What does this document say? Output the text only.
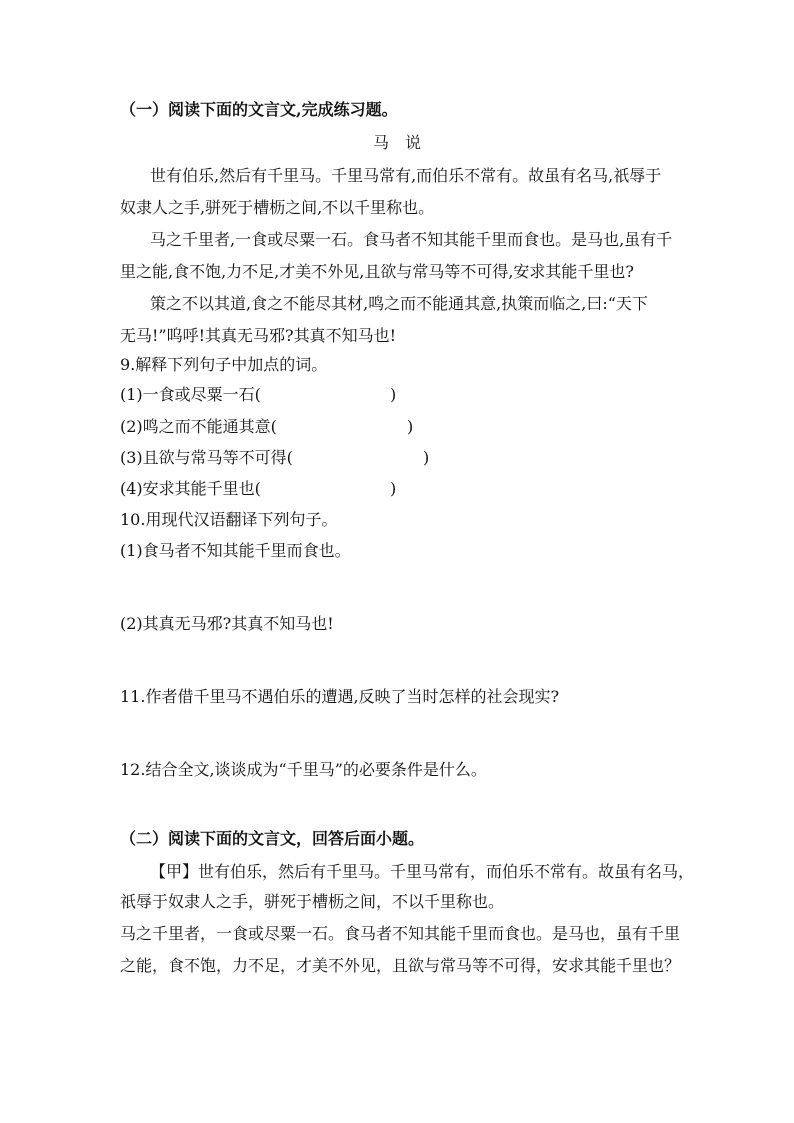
（一）阅读下面的文言文,完成练习题。
马　说
世有伯乐,然后有千里马。千里马常有,而伯乐不常有。故虽有名马,祇辱于
奴隶人之手,骈死于槽枥之间,不以千里称也。
马之千里者,一食或尽粟一石。食马者不知其能千里而食也。是马也,虽有千
里之能,食不饱,力不足,才美不外见,且欲与常马等不可得,安求其能千里也?
策之不以其道,食之不能尽其材,鸣之而不能通其意,执策而临之,曰:“天下
无马!”呜呼!其真无马邪?其真不知马也!
9.解释下列句子中加点的词。
(1)一食或尽粟一石(	)
(2)鸣之而不能通其意(	)
(3)且欲与常马等不可得(	)
(4)安求其能千里也(	)
10.用现代汉语翻译下列句子。
(1)食马者不知其能千里而食也。
(2)其真无马邪?其真不知马也!
11.作者借千里马不遇伯乐的遭遇,反映了当时怎样的社会现实?
12.结合全文,谈谈成为“千里马”的必要条件是什么。
（二）阅读下面的文言文，回答后面小题。
【甲】世有伯乐，然后有千里马。千里马常有，而伯乐不常有。故虽有名马，
祇辱于奴隶人之手，骈死于槽枥之间，不以千里称也。
马之千里者，一食或尽粟一石。食马者不知其能千里而食也。是马也，虽有千里
之能，食不饱，力不足，才美不外见，且欲与常马等不可得，安求其能千里也？
